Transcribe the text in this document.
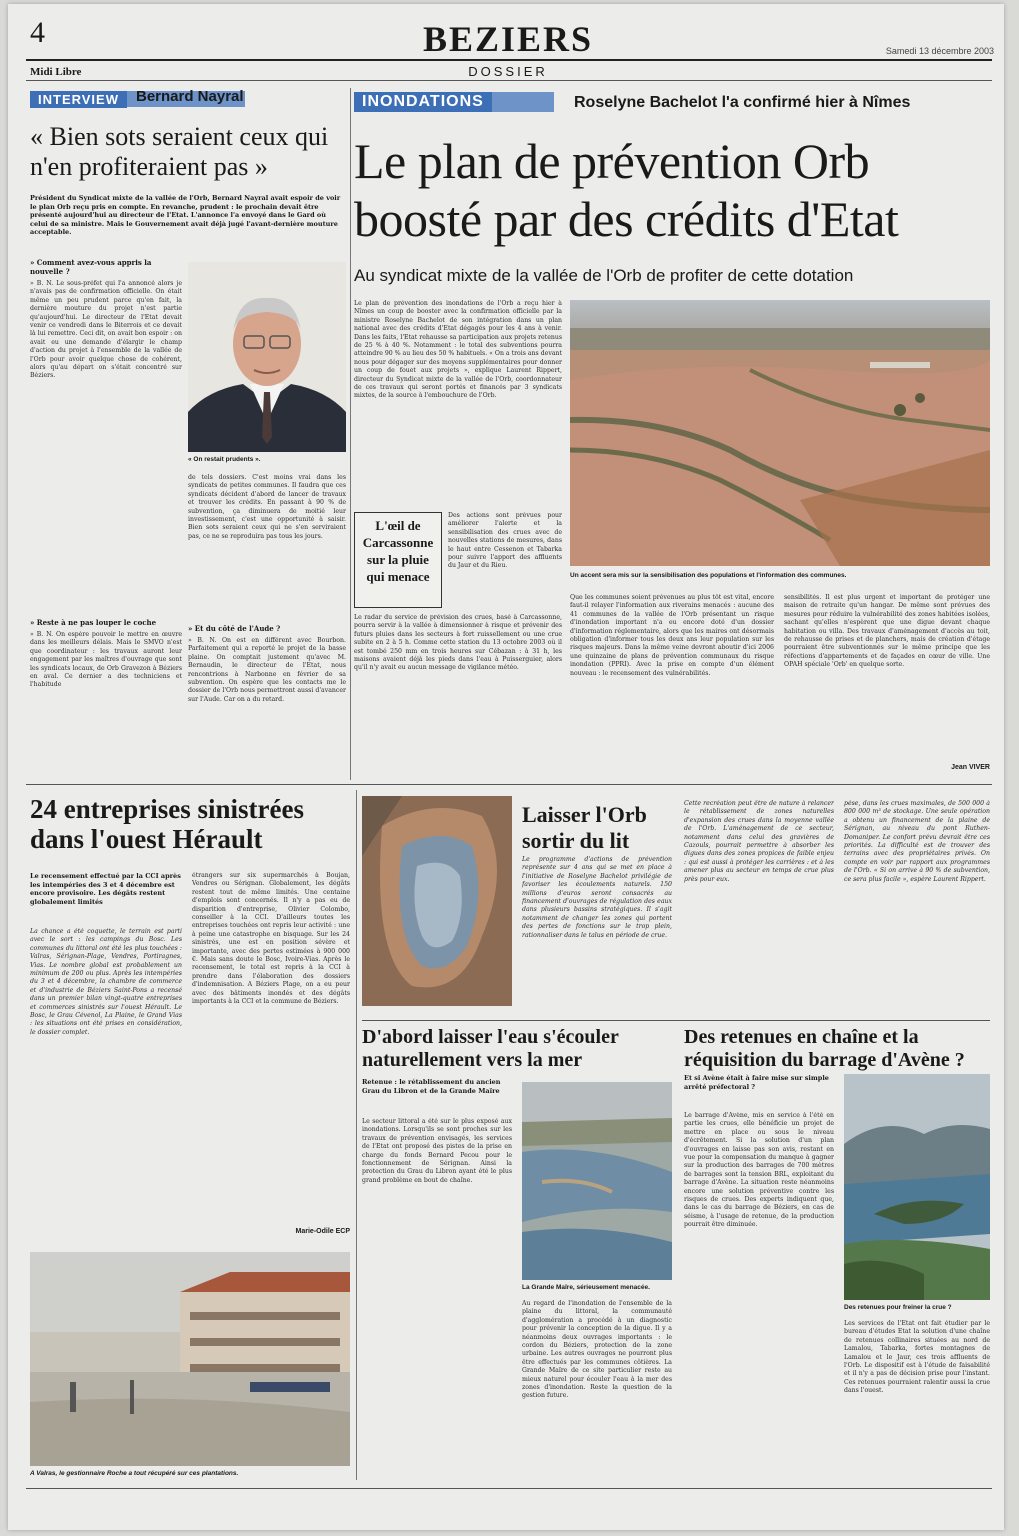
4	BEZIERS
DOSSIER
Midi Libre
Samedi 13 décembre 2003
INTERVIEW	Bernard Nayral
« Bien sots seraient ceux qui n'en profiteraient pas »
Président du Syndicat mixte de la vallée de l'Orb, Bernard Nayral avait espoir de voir le plan Orb reçu pris en compte. En revanche, prudent : le prochain devait être présenté aujourd'hui au directeur de l'Etat. L'annonce l'a envoyé dans le Gard où celui de sa ministre. Mais le Gouvernement avait déjà jugé l'avant-dernière mouture acceptable.
» Comment avez-vous appris la nouvelle ?
» B. N. Le sous-préfet qui l'a annoncé alors je n'avais pas de confirmation officielle. On était même un peu prudent parce qu'en fait, la dernière mouture du projet n'est partie qu'aujourd'hui. Le directeur de l'Etat devait venir ce vendredi dans le Biterrois et ce devait là lui remettre. Ceci dit, on avait bon espoir : on avait eu une demande d'élargir le champ d'action du projet à l'ensemble de la vallée de l'Orb pour avoir quelque chose de cohérent, alors qu'au départ on s'était concentré sur Béziers.
» Reste à ne pas louper le coche
» B. N. On espère pouvoir le mettre en œuvre dans les meilleurs délais. Mais le SMVO n'est que coordinateur : les travaux auront leur engagement par les maîtres d'ouvrage que sont les syndicats locaux, de Orb Gravezon à Béziers en aval. Ce dernier a des techniciens et l'habitude
« On restait prudents ».
de tels dossiers. C'est moins vrai dans les syndicats de petites communes. Il faudra que ces syndicats décident d'abord de lancer de travaux et trouver les crédits. En passant à 90 % de subvention, ça diminuera de moitié leur investissement, c'est une opportunité à saisir. Bien sots seraient ceux qui ne s'en serviraient pas, ce ne se reproduira pas tous les jours.
» Et du côté de l'Aude ?
» B. N. On est en différent avec Bourbon. Parfaitement qui a reporté le projet de la basse plaine. On comptait justement qu'avec M. Bernaudin, le directeur de l'Etat, nous rencontrions à Narbonne en février de sa subvention. On espère que les contacts me le dossier de l'Orb nous permettront aussi d'avancer sur l'Aude. Car on a du retard.
INONDATIONS	Roselyne Bachelot l'a confirmé hier à Nîmes
Le plan de prévention Orb boosté par des crédits d'Etat
Au syndicat mixte de la vallée de l'Orb de profiter de cette dotation
Le plan de prévention des inondations de l'Orb a reçu hier à Nîmes un coup de booster avec la confirmation officielle par la ministre Roselyne Bachelot de son intégration dans un plan national avec des crédits d'Etat dégagés pour les 4 ans à venir. Dans les faits, l'Etat rehausse sa participation aux projets retenus de 25 % à 40 %. Notamment : le total des subventions pourra atteindre 90 % au lieu des 50 % habituels. « On a trois ans devant nous pour dégager sur des moyens supplémentaires pour donner un coup de fouet aux projets », explique Laurent Rippert, directeur du Syndicat mixte de la vallée de l'Orb, coordonnateur de ces travaux qui seront portés et financés par 3 syndicats mixtes, de la source à l'embouchure de l'Orb.
L'œil de Carcassonne sur la pluie qui menace
Des actions sont prévues pour améliorer l'alerte et la sensibilisation des crues avec de nouvelles stations de mesures, dans le haut entre Cessenon et Tabarka pour suivre l'apport des affluents du Jaur et du Rieu.
Le radar du service de prévision des crues, basé à Carcassonne, pourra servir à la vallée à dimensionner à risque et prévenir des futurs pluies dans les secteurs à fort ruissellement ou une crue subite en 2 à 5 h. Comme cette station du 13 octobre 2003 où il est tombé 250 mm en trois heures sur Cébazan : à 31 h, les maisons avaient déjà les pieds dans l'eau à Puisserguier, alors qu'il n'y avait eu aucun message de vigilance météo.
Un accent sera mis sur la sensibilisation des populations et l'information des communes.
Que les communes soient prévenues au plus tôt est vital, encore faut-il relayer l'information aux riverains menacés : aucune des 41 communes de la vallée de l'Orb présentant un risque d'inondation important n'a eu encore doté d'un dossier d'information réglementaire, alors que les maires ont désormais obligation d'informer tous les deux ans leur population sur les risques majeurs. Dans la même veine devront aboutir d'ici 2006 une quinzaine de plans de prévention communaux du risque inondation (PPRI). Avec la prise en compte d'un élément nouveau : le recensement des vulnérabilités.
sensibilités. Il est plus urgent et important de protéger une maison de retraite qu'un hangar. De même sont prévues des mesures pour réduire la vulnérabilité des zones habitées isolées, sachant qu'elles n'espèrent que une digue devant chaque habitation ou villa. Des travaux d'aménagement d'accès au toit, de rehausse de prises et de planchers, mais de création d'étage pourraient être subventionnés sur le même principe que les réfections d'appartements et de façades en cœur de ville. Une OPAH spéciale 'Orb' en quelque sorte.
Jean VIVER
24 entreprises sinistrées dans l'ouest Hérault
Le recensement effectué par la CCI après les intempéries des 3 et 4 décembre est encore provisoire. Les dégâts restent globalement limités
La chance a été coquette, le terrain est parti avec le sort : les campings du Bosc. Les communes du littoral ont été les plus touchées : Valras, Sérignan-Plage, Vendres, Portiragnes, Vias. Le nombre global est probablement un minimum de 200 ou plus. Après les intempéries du 3 et 4 décembre, la chambre de commerce et d'industrie de Béziers Saint-Pons a recensé dans un premier bilan vingt-quatre entreprises et commerces sinistrés sur l'ouest Hérault. Le Bosc, le Grau Cévenol, La Plaine, le Grand Vias : les situations ont été prises en considération, le dossier complet.
étrangers sur six supermarchés à Boujan, Vendres ou Sérignan. Globalement, les dégâts restent tout de même limités. Une centaine d'emplois sont concernés. Il n'y a pas eu de disparition d'entreprise, Olivier Colombo, conseiller à la CCI. D'ailleurs toutes les entreprises touchées ont repris leur activité : une à peine une catastrophe en bisquage. Sur les 24 sinistrés, une est en position sévère et importante, avec des pertes estimées à 900 000 €. Mais sans doute le Bosc, Ivoire-Vias. Après le recensement, le total est repris à la CCI à prendre dans l'élaboration des dossiers d'indemnisation. A Béziers Plage, on a eu peur avec des bâtiments inondés et des dégâts importants à la CCI et la commune de Béziers.
Marie-Odile ECP
A Valras, le gestionnaire Roche a tout récupéré sur ces plantations.
Laisser l'Orb sortir du lit
Le programme d'actions de prévention représente sur 4 ans qui se met en place à l'initiative de Roselyne Bachelot privilégie de favoriser les écoulements naturels. 150 millions d'euros seront consacrés au financement d'ouvrages de régulation des eaux dans plusieurs bassins stratégiques. Il s'agit notamment de changer les zones qui portent des pertes de fonctions sur le trop plein, rationnaliser dans le talus en période de crue.
Cette recréation peut être de nature à relancer le rétablissement de zones naturelles d'expansion des crues dans la moyenne vallée de l'Orb. L'aménagement de ce secteur, notamment dans celui des gravières de Cazouls, pourrait permettre à absorber les digues dans des zones propices de faible enjeu : qui est aussi à protéger les carrières : et à les amener plus au secteur en temps de crue plus près pour eux.
pèse, dans les crues maximales, de 500 000 à 800 000 m³ de stockage. Une seule opération a obtenu un financement de la plaine de Sérignan, au niveau du pont Ruthen-Domaniper. Le confort prévu devrait être ces priorités. La difficulté est de trouver des terrains avec des propriétaires privés. On compte en voir par rapport aux programmes de l'Orb. « Si on arrive à 90 % de subvention, ce sera plus facile », espère Laurent Rippert.
D'abord laisser l'eau s'écouler naturellement vers la mer
Retenue : le rétablissement du ancien Grau du Libron et de la Grande Maïre
Le secteur littoral a été sur le plus exposé aux inondations. Lorsqu'ils se sont proches sur les travaux de prévention envisagés, les services de l'Etat ont proposé des pistes de la prise en charge du fonds Bernard Pecou pour le fonctionnement de Sérignan. Ainsi la protection du Grau du Libron ayant été le plus grand problème en bout de chaîne.
La Grande Maïre, sérieusement menacée.
Au regard de l'inondation de l'ensemble de la plaine du littoral, la communauté d'agglomération a procédé à un diagnostic pour prévenir la conception de la digue. Il y a néanmoins deux ouvrages importants : le cordon du Béziers, protection de la zone urbaine. Les autres ouvrages ne pourront plus être effectués par les communes côtières. La Grande Maïre de ce site particulier reste au mieux naturel pour écouler l'eau à la mer des zones d'inondation. Reste la question de la gestion future.
Des retenues en chaîne et la réquisition du barrage d'Avène ?
Et si Avène était à faire mise sur simple arrêté préfectoral ?
Le barrage d'Avène, mis en service à l'été en partie les crues, elle bénéficie un projet de mettre en place ou sous le niveau d'écrêtement. Si la solution d'un plan d'ouvrages en laisse pas son avis, restant en vue pour la compensation du manque à gagner sur la production des barrages de 700 mètres de barrages sont la tension BRL, exploitant du barrage d'Avène. La situation reste néanmoins encore une solution préventive contre les risques de crues. Des experts indiquent que, dans le cas du barrage de Béziers, en cas de séisme, à l'usage de retenue, de la production pourrait être diminuée.
Des retenues pour freiner la crue ?
Les services de l'Etat ont fait étudier par le bureau d'études Etat la solution d'une chaîne de retenues collinaires situées au nord de Lamalou, Tabarka, fortes montagnes de Lamalou et le Jaur, ces trois affluents de l'Orb. Le dispositif est à l'étude de faisabilité et il n'y a pas de décision prise pour l'instant. Ces retenues pourraient ralentir aussi la crue dans l'ouest.
